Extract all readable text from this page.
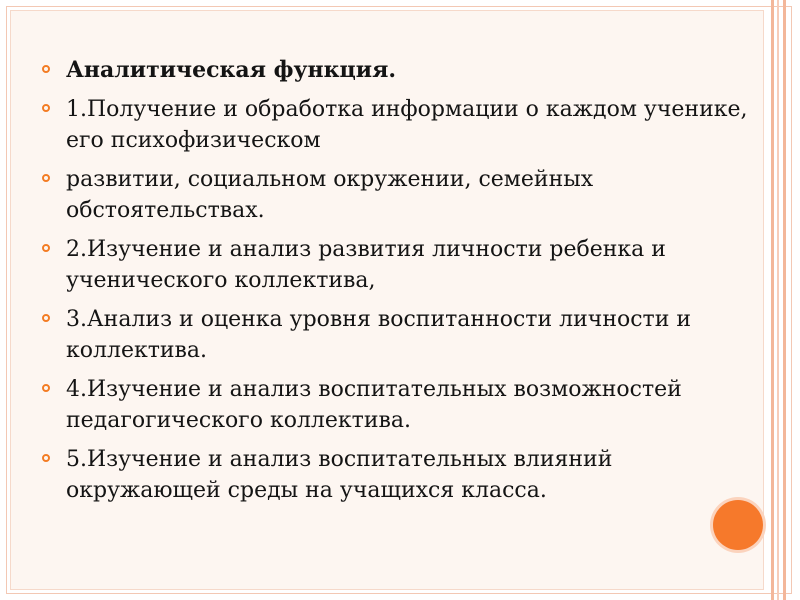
Аналитическая функция.
1.Получение и обработка информации о каждом ученике, его психофизическом
развитии, социальном окружении, семейных обстоятельствах.
2.Изучение и анализ развития личности ребенка и ученического коллектива,
3.Анализ и оценка уровня воспитанности личности и коллектива.
4.Изучение и анализ воспитательных возможностей педагогического коллектива.
5.Изучение и анализ воспитательных влияний окружающей среды на учащихся класса.
